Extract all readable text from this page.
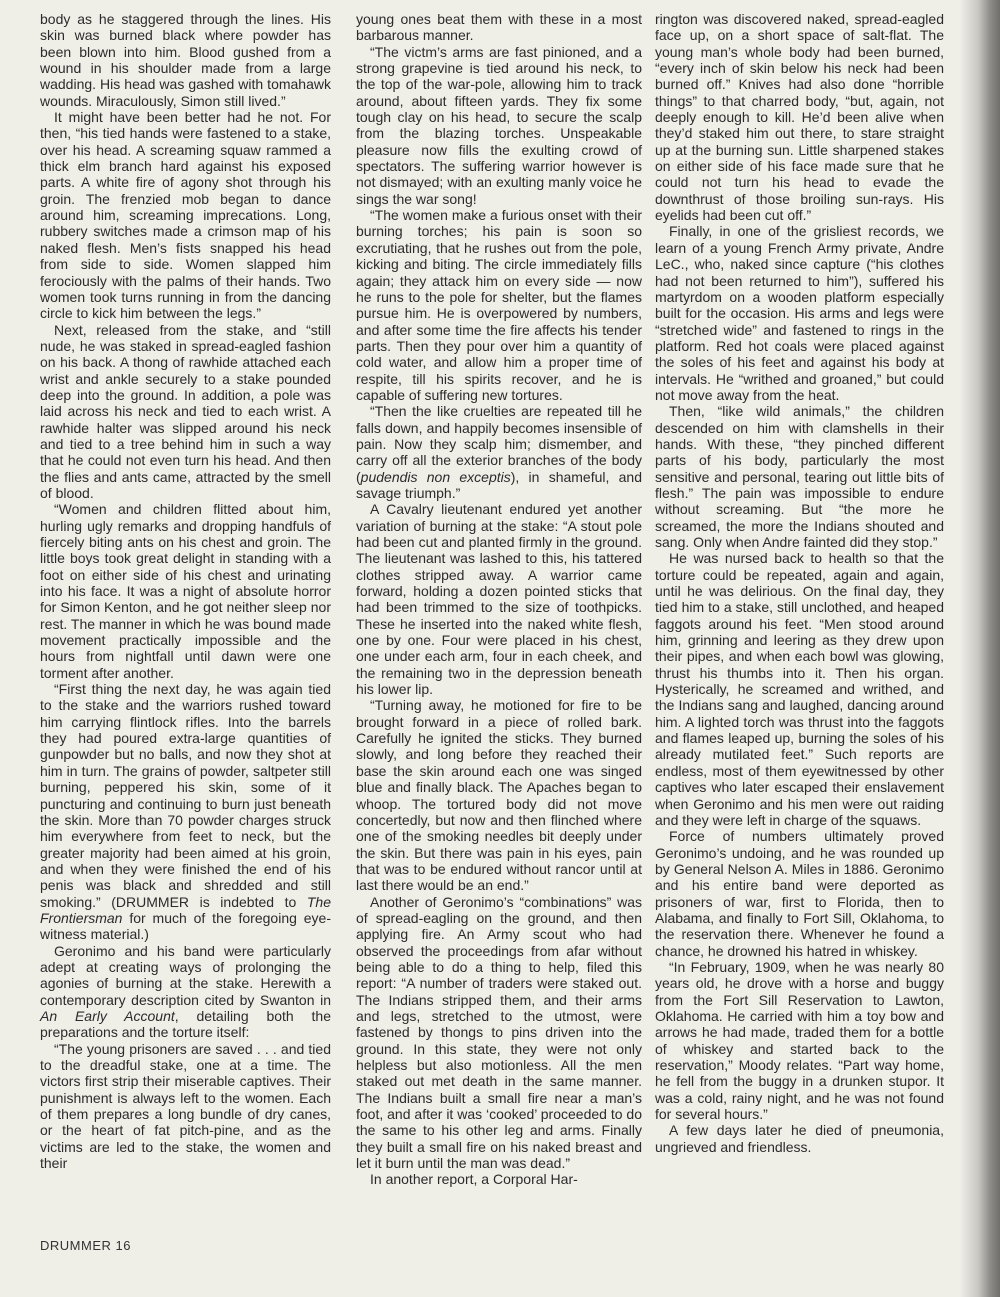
body as he staggered through the lines. His skin was burned black where powder has been blown into him. Blood gushed from a wound in his shoulder made from a large wadding. His head was gashed with tomahawk wounds. Miraculously, Simon still lived.”

It might have been better had he not. For then, “his tied hands were fastened to a stake, over his head. A screaming squaw rammed a thick elm branch hard against his exposed parts. A white fire of agony shot through his groin. The frenzied mob began to dance around him, screaming imprecations. Long, rubbery switches made a crimson map of his naked flesh. Men’s fists snapped his head from side to side. Women slapped him ferociously with the palms of their hands. Two women took turns running in from the dancing circle to kick him between the legs.”

Next, released from the stake, and “still nude, he was staked in spread-eagled fashion on his back. A thong of rawhide attached each wrist and ankle securely to a stake pounded deep into the ground. In addition, a pole was laid across his neck and tied to each wrist. A rawhide halter was slipped around his neck and tied to a tree behind him in such a way that he could not even turn his head. And then the flies and ants came, attracted by the smell of blood.

“Women and children flitted about him, hurling ugly remarks and dropping handfuls of fiercely biting ants on his chest and groin. The little boys took great delight in standing with a foot on either side of his chest and urinating into his face. It was a night of absolute horror for Simon Kenton, and he got neither sleep nor rest. The manner in which he was bound made movement practically impossible and the hours from nightfall until dawn were one torment after another.

“First thing the next day, he was again tied to the stake and the warriors rushed toward him carrying flintlock rifles. Into the barrels they had poured extra-large quantities of gunpowder but no balls, and now they shot at him in turn. The grains of powder, saltpeter still burning, peppered his skin, some of it puncturing and continuing to burn just beneath the skin. More than 70 powder charges struck him everywhere from feet to neck, but the greater majority had been aimed at his groin, and when they were finished the end of his penis was black and shredded and still smoking.” (DRUMMER is indebted to The Frontiersman for much of the foregoing eye-witness material.)

Geronimo and his band were particularly adept at creating ways of prolonging the agonies of burning at the stake. Herewith a contemporary description cited by Swanton in An Early Account, detailing both the preparations and the torture itself:

“The young prisoners are saved . . . and tied to the dreadful stake, one at a time. The victors first strip their miserable captives. Their punishment is always left to the women. Each of them prepares a long bundle of dry canes, or the heart of fat pitch-pine, and as the victims are led to the stake, the women and their

young ones beat them with these in a most barbarous manner.

“The victm’s arms are fast pinioned, and a strong grapevine is tied around his neck, to the top of the war-pole, allowing him to track around, about fifteen yards. They fix some tough clay on his head, to secure the scalp from the blazing torches. Unspeakable pleasure now fills the exulting crowd of spectators. The suffering warrior however is not dismayed; with an exulting manly voice he sings the war song!

“The women make a furious onset with their burning torches; his pain is soon so excrutiating, that he rushes out from the pole, kicking and biting. The circle immediately fills again; they attack him on every side — now he runs to the pole for shelter, but the flames pursue him. He is overpowered by numbers, and after some time the fire affects his tender parts. Then they pour over him a quantity of cold water, and allow him a proper time of respite, till his spirits recover, and he is capable of suffering new tortures.

“Then the like cruelties are repeated till he falls down, and happily becomes insensible of pain. Now they scalp him; dismember, and carry off all the exterior branches of the body (pudendis non exceptis), in shameful, and savage triumph.”

A Cavalry lieutenant endured yet another variation of burning at the stake: “A stout pole had been cut and planted firmly in the ground. The lieutenant was lashed to this, his tattered clothes stripped away. A warrior came forward, holding a dozen pointed sticks that had been trimmed to the size of toothpicks. These he inserted into the naked white flesh, one by one. Four were placed in his chest, one under each arm, four in each cheek, and the remaining two in the depression beneath his lower lip.

“Turning away, he motioned for fire to be brought forward in a piece of rolled bark. Carefully he ignited the sticks. They burned slowly, and long before they reached their base the skin around each one was singed blue and finally black. The Apaches began to whoop. The tortured body did not move concertedly, but now and then flinched where one of the smoking needles bit deeply under the skin. But there was pain in his eyes, pain that was to be endured without rancor until at last there would be an end.”

Another of Geronimo’s “combinations” was of spread-eagling on the ground, and then applying fire. An Army scout who had observed the proceedings from afar without being able to do a thing to help, filed this report: “A number of traders were staked out. The Indians stripped them, and their arms and legs, stretched to the utmost, were fastened by thongs to pins driven into the ground. In this state, they were not only helpless but also motionless. All the men staked out met death in the same manner. The Indians built a small fire near a man’s foot, and after it was ‘cooked’ proceeded to do the same to his other leg and arms. Finally they built a small fire on his naked breast and let it burn until the man was dead.”

In another report, a Corporal Har-

rington was discovered naked, spread-eagled face up, on a short space of salt-flat. The young man’s whole body had been burned, “every inch of skin below his neck had been burned off.” Knives had also done “horrible things” to that charred body, “but, again, not deeply enough to kill. He’d been alive when they’d staked him out there, to stare straight up at the burning sun. Little sharpened stakes on either side of his face made sure that he could not turn his head to evade the downthrust of those broiling sun-rays. His eyelids had been cut off.”

Finally, in one of the grisliest records, we learn of a young French Army private, Andre LeC., who, naked since capture (“his clothes had not been returned to him”), suffered his martyrdom on a wooden platform especially built for the occasion. His arms and legs were “stretched wide” and fastened to rings in the platform. Red hot coals were placed against the soles of his feet and against his body at intervals. He “writhed and groaned,” but could not move away from the heat.

Then, “like wild animals,” the children descended on him with clamshells in their hands. With these, “they pinched different parts of his body, particularly the most sensitive and personal, tearing out little bits of flesh.” The pain was impossible to endure without screaming. But “the more he screamed, the more the Indians shouted and sang. Only when Andre fainted did they stop.”

He was nursed back to health so that the torture could be repeated, again and again, until he was delirious. On the final day, they tied him to a stake, still unclothed, and heaped faggots around his feet. “Men stood around him, grinning and leering as they drew upon their pipes, and when each bowl was glowing, thrust his thumbs into it. Then his organ. Hysterically, he screamed and writhed, and the Indians sang and laughed, dancing around him. A lighted torch was thrust into the faggots and flames leaped up, burning the soles of his already mutilated feet.” Such reports are endless, most of them eyewitnessed by other captives who later escaped their enslavement when Geronimo and his men were out raiding and they were left in charge of the squaws.

Force of numbers ultimately proved Geronimo’s undoing, and he was rounded up by General Nelson A. Miles in 1886. Geronimo and his entire band were deported as prisoners of war, first to Florida, then to Alabama, and finally to Fort Sill, Oklahoma, to the reservation there. Whenever he found a chance, he drowned his hatred in whiskey.

“In February, 1909, when he was nearly 80 years old, he drove with a horse and buggy from the Fort Sill Reservation to Lawton, Oklahoma. He carried with him a toy bow and arrows he had made, traded them for a bottle of whiskey and started back to the reservation,” Moody relates. “Part way home, he fell from the buggy in a drunken stupor. It was a cold, rainy night, and he was not found for several hours.”

A few days later he died of pneumonia, ungrieved and friendless.

DRUMMER 16
